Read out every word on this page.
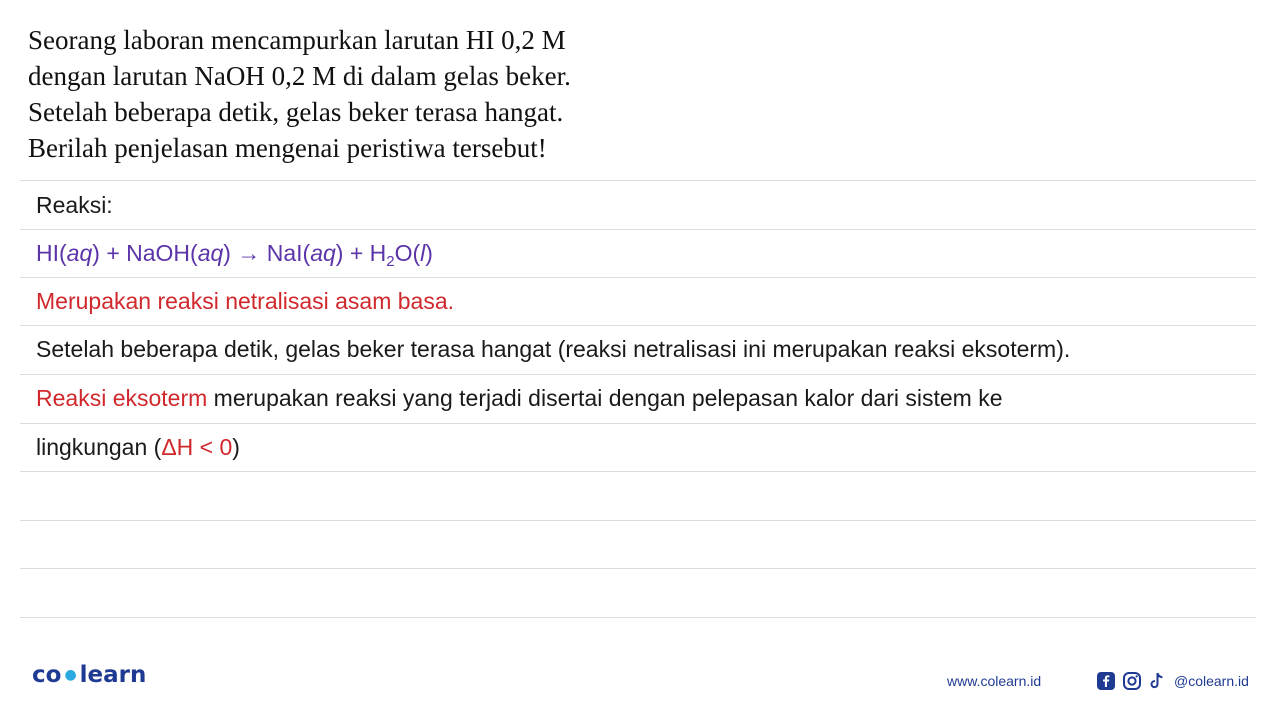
Seorang laboran mencampurkan larutan HI 0,2 M
dengan larutan NaOH 0,2 M di dalam gelas beker.
Setelah beberapa detik, gelas beker terasa hangat.
Berilah penjelasan mengenai peristiwa tersebut!
Reaksi:
HI(aq) + NaOH(aq) → $NaI(aq) + H_2O(l)$
Merupakan reaksi netralisasi asam basa.
Setelah beberapa detik, gelas beker terasa hangat (reaksi netralisasi ini merupakan reaksi eksoterm).
Reaksi eksoterm merupakan reaksi yang terjadi disertai dengan pelepasan kalor dari sistem ke
lingkungan (ΔH < 0)
co ● learn	www.colearn.id	@colearn.id
